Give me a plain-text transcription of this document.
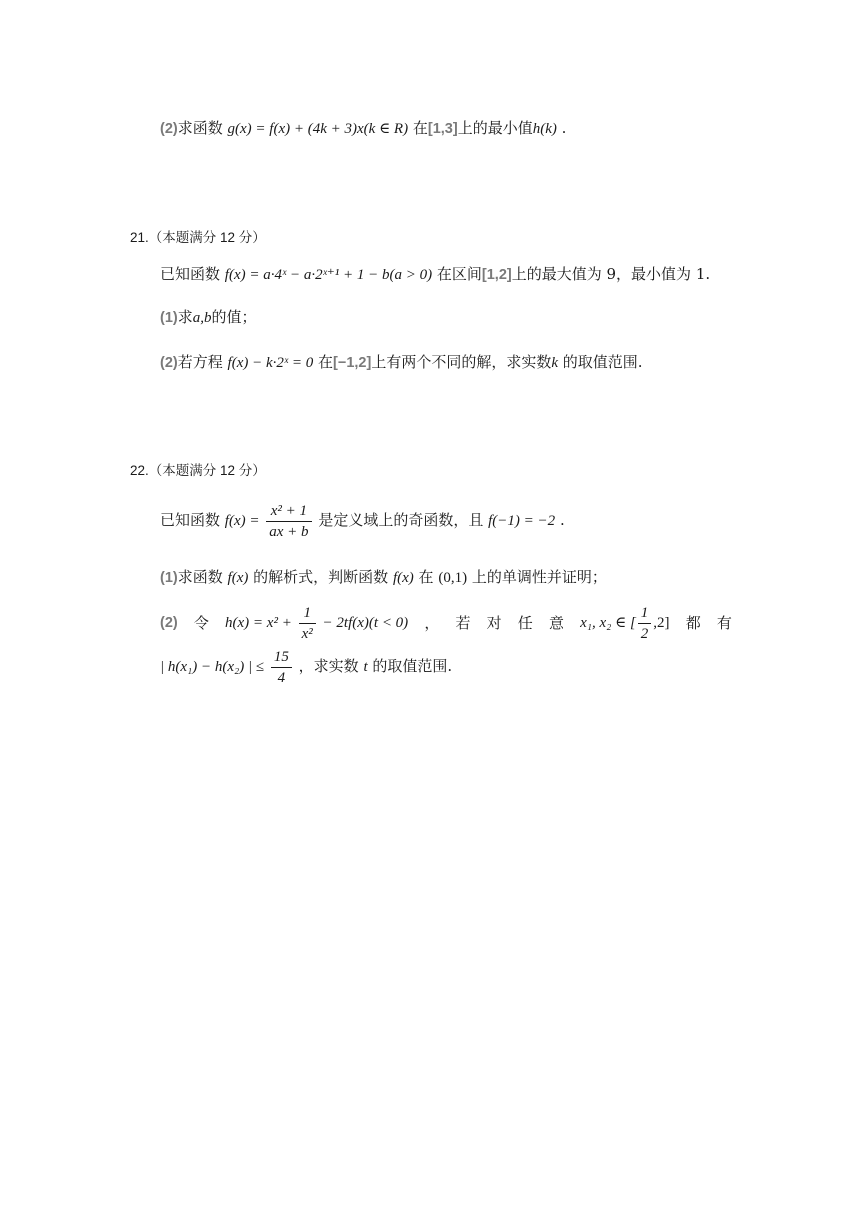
(2)求函数 g(x) = f(x) + (4k + 3)x(k ∈ R) 在[1,3]上的最小值h(k) .
21.（本题满分 12 分）
已知函数 f(x) = a·4ˣ − a·2ˣ⁺¹ + 1 − b(a > 0) 在区间[1,2]上的最大值为 9，最小值为 1.
(1)求a,b的值；
(2)若方程 f(x) − k·2ˣ = 0 在[−1,2]上有两个不同的解，求实数k 的取值范围.
22.（本题满分 12 分）
已知函数 $f(x) = \frac{\text{x² + 1}}{ax + b}$ 是定义域上的奇函数，且 f(−1) = −2 .
(1)求函数 f(x) 的解析式，判断函数 f(x) 在 (0,1) 上的单调性并证明；
(2) 令 $h(x) = x^2 + \frac{1}{\text{x²}} - 2tf(x)(t < 0)$ ， 若 对 任 意 x₁, x₂ ∈ [ $\frac{1}{2} ,2$] 都 有
| h(x₁) − h(x₂) | ≤ $\frac{15}{4}$ ，求实数 t 的取值范围.
